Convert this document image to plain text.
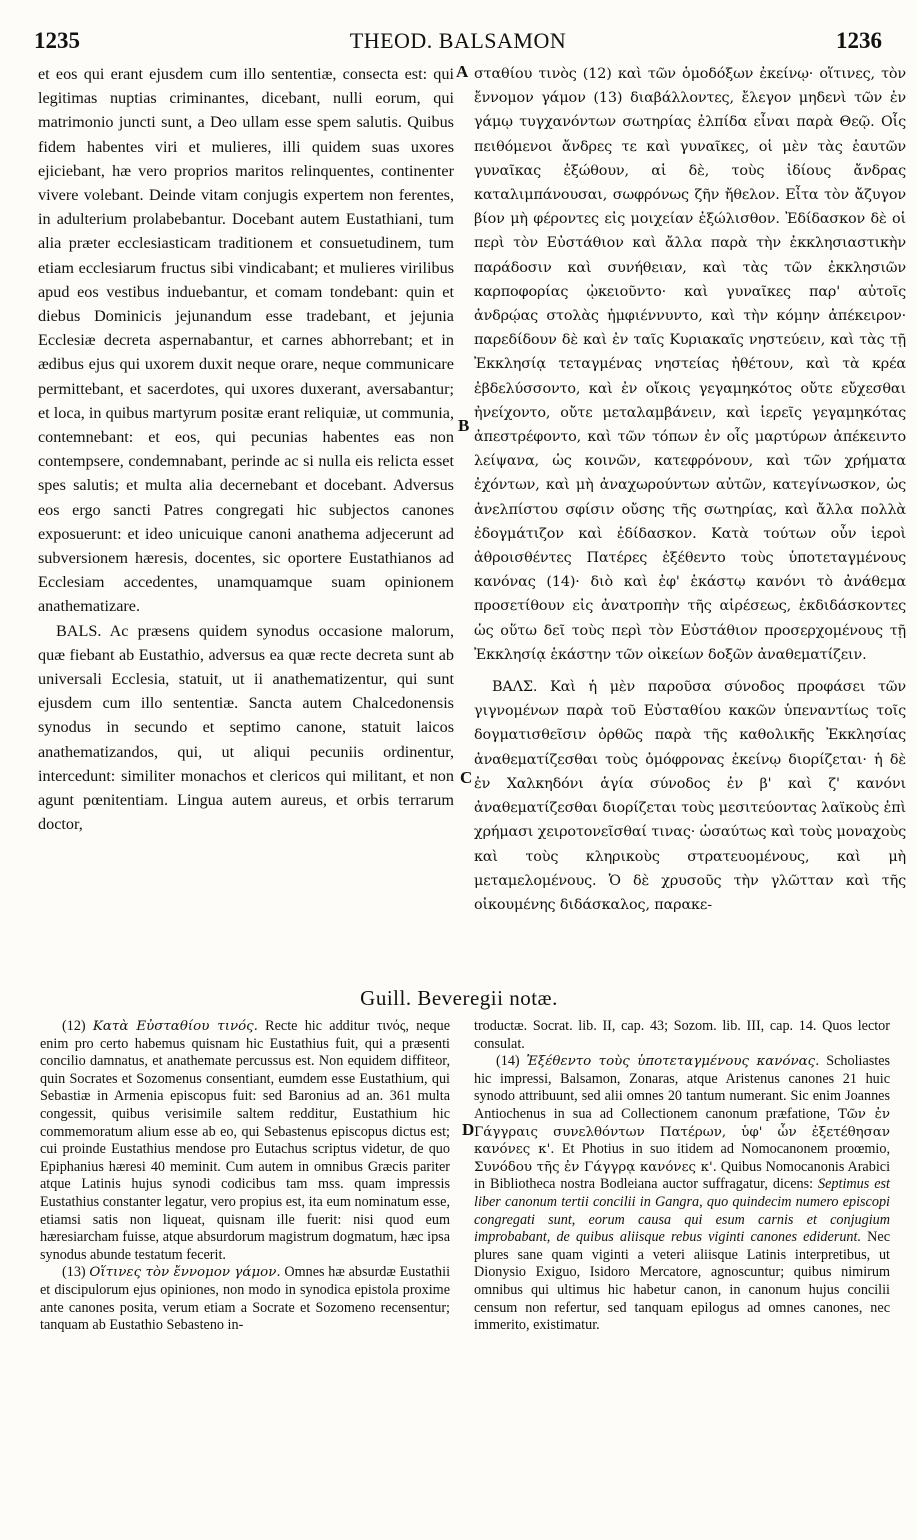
1235	THEOD. BALSAMON	1236
A
B
C
D

et eos qui erant ejusdem cum illo sententiæ, consecta est: qui legitimas nuptias criminantes, dicebant, nulli eorum, qui matrimonio juncti sunt, a Deo ullam esse spem salutis. Quibus fidem habentes viri et mulieres, illi quidem suas uxores ejiciebant, hæ vero proprios maritos relinquentes, continenter vivere volebant. Deinde vitam conjugis expertem non ferentes, in adulterium prolabebantur. Docebant autem Eustathiani, tum alia præter ecclesiasticam traditionem et consuetudinem, tum etiam ecclesiarum fructus sibi vindicabant; et mulieres virilibus apud eos vestibus induebantur, et comam tondebant: quin et diebus Dominicis jejunandum esse tradebant, et jejunia Ecclesiæ decreta aspernabantur, et carnes abhorrebant; et in ædibus ejus qui uxorem duxit neque orare, neque communicare permittebant, et sacerdotes, qui uxores duxerant, aversabantur; et loca, in quibus martyrum positæ erant reliquiæ, ut communia, contemnebant: et eos, qui pecunias habentes eas non contempsere, condemnabant, perinde ac si nulla eis relicta esset spes salutis; et multa alia decernebant et docebant. Adversus eos ergo sancti Patres congregati hic subjectos canones exposuerunt: et ideo unicuique canoni anathema adjecerunt ad subversionem hæresis, docentes, sic oportere Eustathianos ad Ecclesiam accedentes, unamquamque suam opinionem anathematizare.

BALS. Ac præsens quidem synodus occasione malorum, quæ fiebant ab Eustathio, adversus ea quæ recte decreta sunt ab universali Ecclesia, statuit, ut ii anathematizentur, qui sunt ejusdem cum illo sententiæ. Sancta autem Chalcedonensis synodus in secundo et septimo canone, statuit laicos anathematizandos, qui, ut aliqui pecuniis ordinentur, intercedunt: similiter monachos et clericos qui militant, et non agunt pœnitentiam. Lingua autem aureus, et orbis terrarum doctor,

σταθίου τινὸς (12) καὶ τῶν ὁμοδόξων ἐκείνῳ· οἵτινες, τὸν ἔννομον γάμον (13) διαβάλλοντες, ἔλεγον μηδενὶ τῶν ἐν γάμῳ τυγχανόντων σωτηρίας ἐλπίδα εἶναι παρὰ Θεῷ. Οἷς πειθόμενοι ἄνδρες τε καὶ γυναῖκες, οἱ μὲν τὰς ἑαυτῶν γυναῖκας ἐξώθουν, αἱ δὲ, τοὺς ἰδίους ἄνδρας καταλιμπάνουσαι, σωφρόνως ζῆν ἤθελον. Εἶτα τὸν ἄζυγον βίον μὴ φέροντες εἰς μοιχείαν ἐξώλισθον. Ἐδίδασκον δὲ οἱ περὶ τὸν Εὐστάθιον καὶ ἄλλα παρὰ τὴν ἐκκλησιαστικὴν παράδοσιν καὶ συνήθειαν, καὶ τὰς τῶν ἐκκλησιῶν καρποφορίας ᾠκειοῦντο· καὶ γυναῖκες παρ' αὐτοῖς ἀνδρῴας στολὰς ἠμφιέννυντο, καὶ τὴν κόμην ἀπέκειρον· παρεδίδουν δὲ καὶ ἐν ταῖς Κυριακαῖς νηστεύειν, καὶ τὰς τῇ Ἐκκλησίᾳ τεταγμένας νηστείας ἠθέτουν, καὶ τὰ κρέα ἐβδελύσσοντο, καὶ ἐν οἴκοις γεγαμηκότος οὔτε εὔχεσθαι ἠνείχοντο, οὔτε μεταλαμβάνειν, καὶ ἱερεῖς γεγαμηκότας ἀπεστρέφοντο, καὶ τῶν τόπων ἐν οἷς μαρτύρων ἀπέκειντο λείψανα, ὡς κοινῶν, κατεφρόνουν, καὶ τῶν χρήματα ἐχόντων, καὶ μὴ ἀναχωρούντων αὐτῶν, κατεγίνωσκον, ὡς ἀνελπίστου σφίσιν οὔσης τῆς σωτηρίας, καὶ ἄλλα πολλὰ ἐδογμάτιζον καὶ ἐδίδασκον. Κατὰ τούτων οὖν ἱεροὶ ἀθροισθέντες Πατέρες ἐξέθεντο τοὺς ὑποτεταγμένους κανόνας (14)· διὸ καὶ ἐφ' ἑκάστῳ κανόνι τὸ ἀνάθεμα προσετίθουν εἰς ἀνατροπὴν τῆς αἱρέσεως, ἐκδιδάσκοντες ὡς οὕτω δεῖ τοὺς περὶ τὸν Εὐστάθιον προσερχομένους τῇ Ἐκκλησίᾳ ἑκάστην τῶν οἰκείων δοξῶν ἀναθεματίζειν.

ΒΑΛΣ. Καὶ ἡ μὲν παροῦσα σύνοδος προφάσει τῶν γιγνομένων παρὰ τοῦ Εὐσταθίου κακῶν ὑπεναντίως τοῖς δογματισθεῖσιν ὀρθῶς παρὰ τῆς καθολικῆς Ἐκκλησίας ἀναθεματίζεσθαι τοὺς ὁμόφρονας ἐκείνῳ διορίζεται· ἡ δὲ ἐν Χαλκηδόνι ἁγία σύνοδος ἐν β' καὶ ζ' κανόνι ἀναθεματίζεσθαι διορίζεται τοὺς μεσιτεύοντας λαϊκοὺς ἐπὶ χρήμασι χειροτονεῖσθαί τινας· ὡσαύτως καὶ τοὺς μοναχοὺς καὶ τοὺς κληρικοὺς στρατευομένους, καὶ μὴ μεταμελομένους. Ὁ δὲ χρυσοῦς τὴν γλῶτταν καὶ τῆς οἰκουμένης διδάσκαλος, παρακε-

Guill. Beveregii notæ.

(12) Κατὰ Εὐσταθίου τινός. Recte hic additur τινός, neque enim pro certo habemus quisnam hic Eustathius fuit, qui a præsenti concilio damnatus, et anathemate percussus est. Non equidem diffiteor, quin Socrates et Sozomenus consentiant, eumdem esse Eustathium, qui Sebastiæ in Armenia episcopus fuit: sed Baronius ad an. 361 multa congessit, quibus verisimile saltem redditur, Eustathium hic commemoratum alium esse ab eo, qui Sebastenus episcopus dictus est; cui proinde Eustathius mendose pro Eutachus scriptus videtur, de quo Epiphanius hæresi 40 meminit. Cum autem in omnibus Græcis pariter atque Latinis hujus synodi codicibus tam mss. quam impressis Eustathius constanter legatur, vero propius est, ita eum nominatum esse, etiamsi satis non liqueat, quisnam ille fuerit: nisi quod eum hæresiarcham fuisse, atque absurdorum magistrum dogmatum, hæc ipsa synodus abunde testatum fecerit.

(13) Οἵτινες τὸν ἔννομον γάμον. Omnes hæ absurdæ Eustathii et discipulorum ejus opiniones, non modo in synodica epistola proxime ante canones posita, verum etiam a Socrate et Sozomeno recensentur; tanquam ab Eustathio Sebasteno in-

troductæ. Socrat. lib. II, cap. 43; Sozom. lib. III, cap. 14. Quos lector consulat.

(14) Ἐξέθεντο τοὺς ὑποτεταγμένους κανόνας. Scholiastes hic impressi, Balsamon, Zonaras, atque Aristenus canones 21 huic synodo attribuunt, sed alii omnes 20 tantum numerant. Sic enim Joannes Antiochenus in sua ad Collectionem canonum præfatione, Τῶν ἐν Γάγγραις συνελθόντων Πατέρων, ὑφ' ὧν ἐξετέθησαν κανόνες κ'. Et Photius in suo itidem ad Nomocanonem proœmio, Συνόδου τῆς ἐν Γάγγρᾳ κανόνες κ'. Quibus Nomocanonis Arabici in Bibliotheca nostra Bodleiana auctor suffragatur, dicens: Septimus est liber canonum tertii concilii in Gangra, quo quindecim numero episcopi congregati sunt, eorum causa qui esum carnis et conjugium improbabant, de quibus aliisque rebus viginti canones ediderunt. Nec plures sane quam viginti a veteri aliisque Latinis interpretibus, ut Dionysio Exiguo, Isidoro Mercatore, agnoscuntur; quibus nimirum omnibus qui ultimus hic habetur canon, in canonum hujus concilii censum non refertur, sed tanquam epilogus ad omnes canones, nec immerito, existimatur.
